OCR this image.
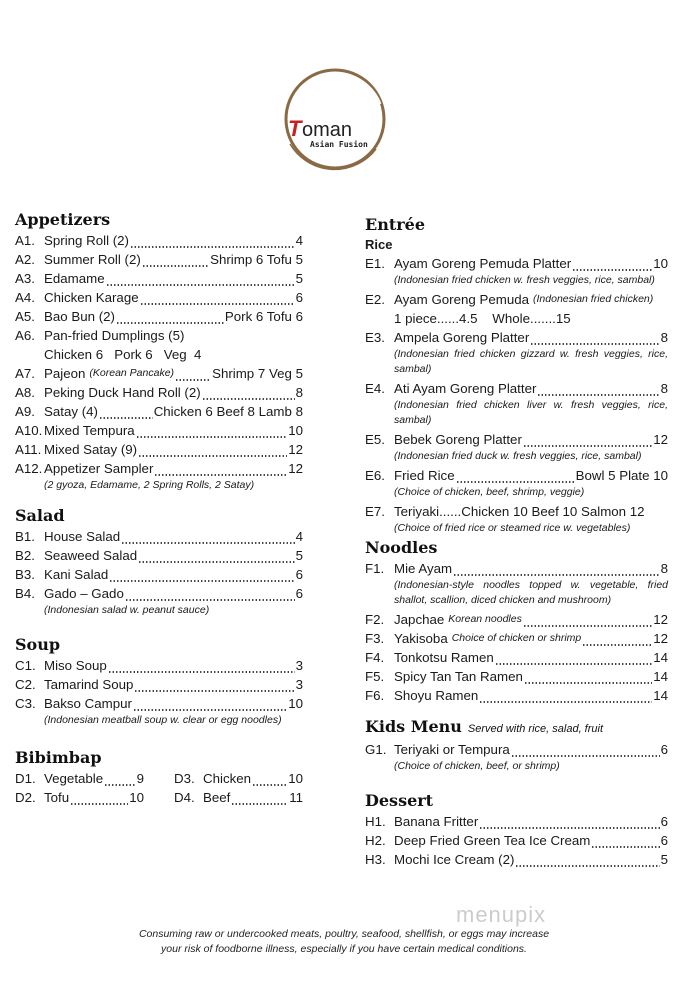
T oman
Asian Fusion
Appetizers
A1. Spring Roll (2)	4
A2. Summer Roll (2)	Shrimp 6 Tofu 5
A3. Edamame	5
A4. Chicken Karage	6
A5. Bao Bun (2)	Pork 6 Tofu 6
A6. Pan-fried Dumplings (5)
Chicken 6   Pork 6   Veg  4
A7. Pajeon (Korean Pancake)	Shrimp 7 Veg 5
A8. Peking Duck Hand Roll (2)	8
A9. Satay (4)	Chicken 6 Beef 8 Lamb 8
A10. Mixed Tempura	10
A11. Mixed Satay (9)	12
A12. Appetizer Sampler	12
(2 gyoza, Edamame, 2 Spring Rolls, 2 Satay)
Salad
B1. House Salad	4
B2. Seaweed Salad	5
B3. Kani Salad	6
B4. Gado – Gado	6
(Indonesian salad w. peanut sauce)
Soup
C1. Miso Soup	3
C2. Tamarind Soup	3
C3. Bakso Campur	10
(Indonesian meatball soup w. clear or egg noodles)
Bibimbap
D1. Vegetable	9 D3. Chicken	10
D2. Tofu	10 D4. Beef	11
Entrée
Rice
E1. Ayam Goreng Pemuda Platter	10
(Indonesian fried chicken w. fresh veggies, rice, sambal)
E2. Ayam Goreng Pemuda (Indonesian fried chicken)
1 piece......4.5    Whole.......15
E3. Ampela Goreng Platter	8
(Indonesian fried chicken gizzard w. fresh veggies, rice, sambal)
E4. Ati Ayam Goreng Platter	8
(Indonesian fried chicken liver w. fresh veggies, rice, sambal)
E5. Bebek Goreng Platter	12
(Indonesian fried duck w. fresh veggies, rice, sambal)
E6. Fried Rice	Bowl 5 Plate 10
(Choice of chicken, beef, shrimp, veggie)
E7. Teriyaki......Chicken 10 Beef 10 Salmon 12
(Choice of fried rice or steamed rice w. vegetables)
Noodles
F1. Mie Ayam	8
(Indonesian-style noodles topped w. vegetable, fried shallot, scallion, diced chicken and mushroom)
F2. Japchae Korean noodles	12
F3. Yakisoba Choice of chicken or shrimp	12
F4. Tonkotsu Ramen	14
F5. Spicy Tan Tan Ramen	14
F6. Shoyu Ramen	14
Kids Menu Served with rice, salad, fruit
G1. Teriyaki or Tempura	6
(Choice of chicken, beef, or shrimp)
Dessert
H1. Banana Fritter	6
H2. Deep Fried Green Tea Ice Cream	6
H3. Mochi Ice Cream (2)	5
menupix
Consuming raw or undercooked meats, poultry, seafood, shellfish, or eggs may increase
your risk of foodborne illness, especially if you have certain medical conditions.
